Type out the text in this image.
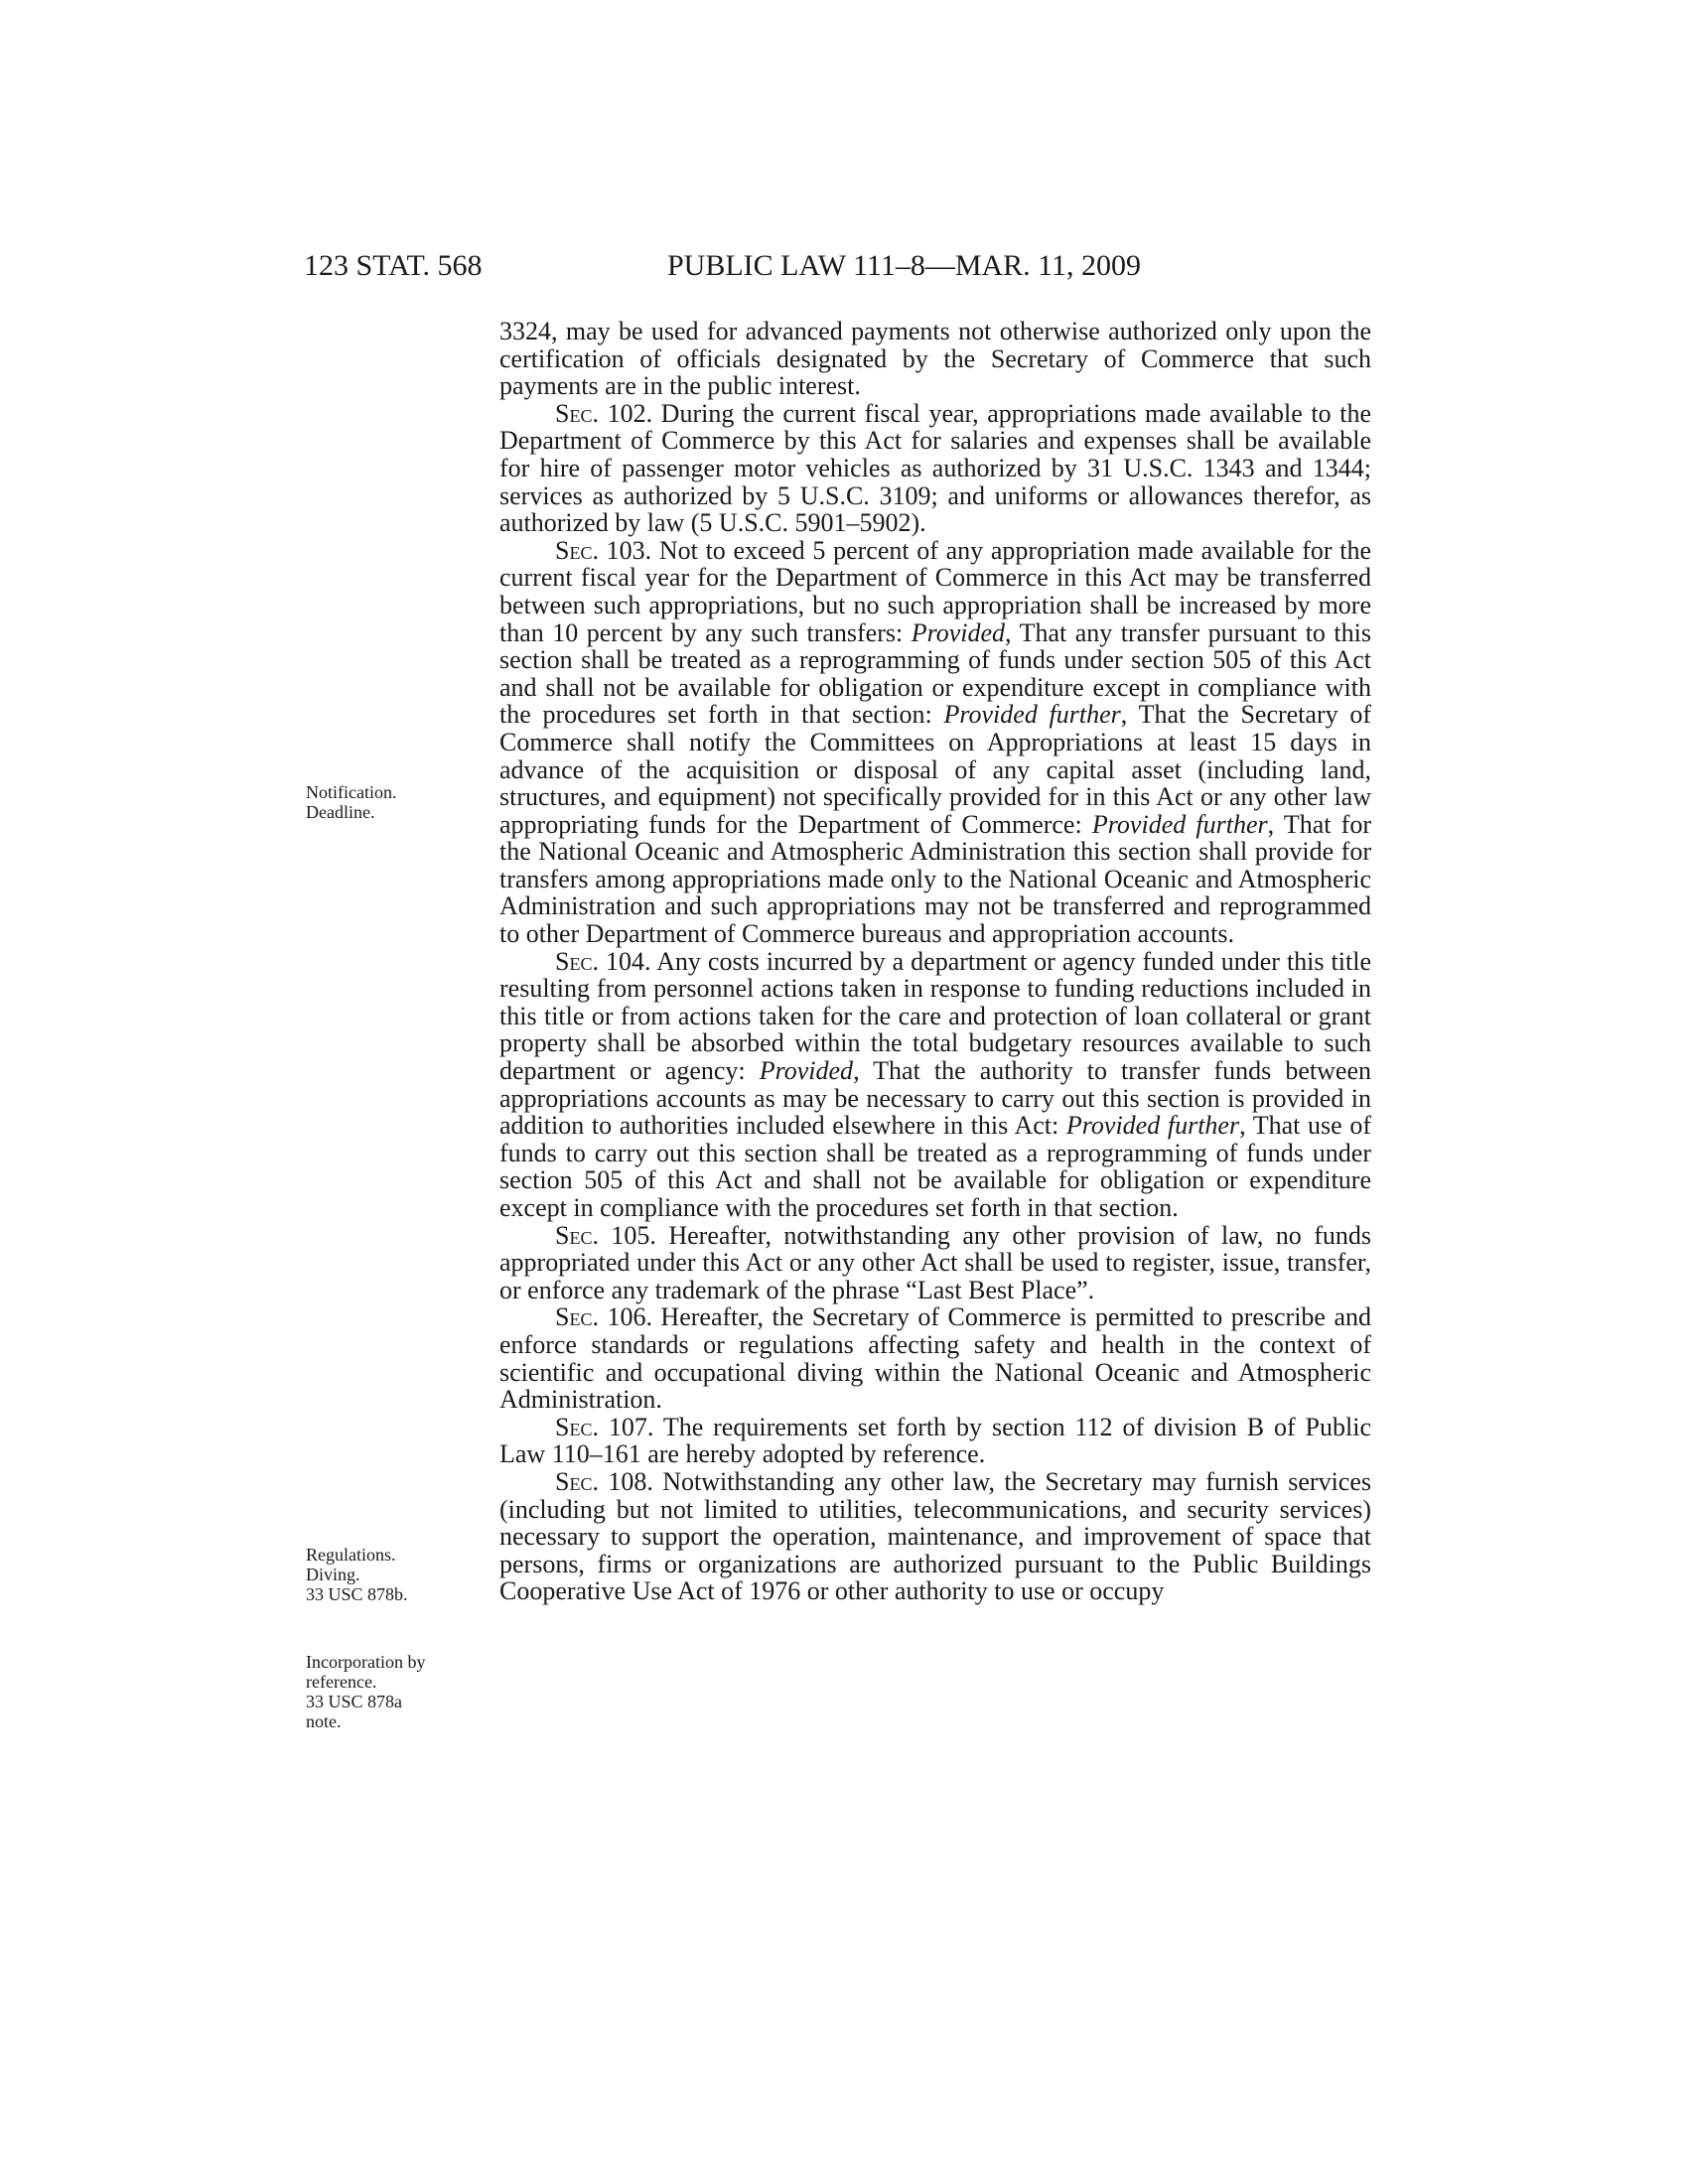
123 STAT. 568	PUBLIC LAW 111–8—MAR. 11, 2009
Notification.
Deadline.
Regulations.
Diving.
33 USC 878b.
Incorporation by
reference.
33 USC 878a
note.

3324, may be used for advanced payments not otherwise authorized only upon the certification of officials designated by the Secretary of Commerce that such payments are in the public interest.

Sec. 102. During the current fiscal year, appropriations made available to the Department of Commerce by this Act for salaries and expenses shall be available for hire of passenger motor vehicles as authorized by 31 U.S.C. 1343 and 1344; services as authorized by 5 U.S.C. 3109; and uniforms or allowances therefor, as authorized by law (5 U.S.C. 5901–5902).

Sec. 103. Not to exceed 5 percent of any appropriation made available for the current fiscal year for the Department of Commerce in this Act may be transferred between such appropriations, but no such appropriation shall be increased by more than 10 percent by any such transfers: Provided, That any transfer pursuant to this section shall be treated as a reprogramming of funds under section 505 of this Act and shall not be available for obligation or expenditure except in compliance with the procedures set forth in that section: Provided further, That the Secretary of Commerce shall notify the Committees on Appropriations at least 15 days in advance of the acquisition or disposal of any capital asset (including land, structures, and equipment) not specifically provided for in this Act or any other law appropriating funds for the Department of Commerce: Provided further, That for the National Oceanic and Atmospheric Administration this section shall provide for transfers among appropriations made only to the National Oceanic and Atmospheric Administration and such appropriations may not be transferred and reprogrammed to other Department of Commerce bureaus and appropriation accounts.

Sec. 104. Any costs incurred by a department or agency funded under this title resulting from personnel actions taken in response to funding reductions included in this title or from actions taken for the care and protection of loan collateral or grant property shall be absorbed within the total budgetary resources available to such department or agency: Provided, That the authority to transfer funds between appropriations accounts as may be necessary to carry out this section is provided in addition to authorities included elsewhere in this Act: Provided further, That use of funds to carry out this section shall be treated as a reprogramming of funds under section 505 of this Act and shall not be available for obligation or expenditure except in compliance with the procedures set forth in that section.

Sec. 105. Hereafter, notwithstanding any other provision of law, no funds appropriated under this Act or any other Act shall be used to register, issue, transfer, or enforce any trademark of the phrase “Last Best Place”.

Sec. 106. Hereafter, the Secretary of Commerce is permitted to prescribe and enforce standards or regulations affecting safety and health in the context of scientific and occupational diving within the National Oceanic and Atmospheric Administration.

Sec. 107. The requirements set forth by section 112 of division B of Public Law 110–161 are hereby adopted by reference.

Sec. 108. Notwithstanding any other law, the Secretary may furnish services (including but not limited to utilities, telecommunications, and security services) necessary to support the operation, maintenance, and improvement of space that persons, firms or organizations are authorized pursuant to the Public Buildings Cooperative Use Act of 1976 or other authority to use or occupy
